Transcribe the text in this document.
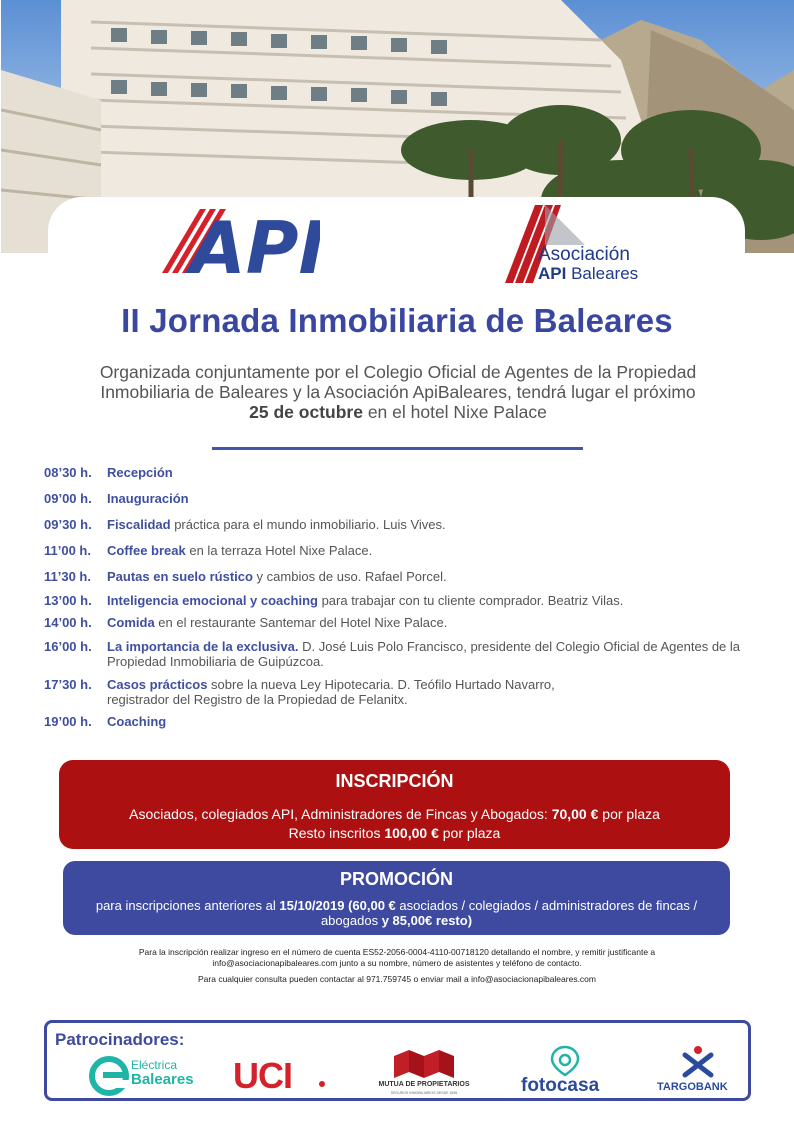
API	Asociación
API Baleares
II Jornada Inmobiliaria de Baleares
Organizada conjuntamente por el Colegio Oficial de Agentes de la Propiedad
Inmobiliaria de Baleares y la Asociación ApiBaleares, tendrá lugar el próximo
25 de octubre en el hotel Nixe Palace
08’30 h.	Recepción
09’00 h.	Inauguración
09’30 h.	Fiscalidad práctica para el mundo inmobiliario. Luis Vives.
11’00 h.	Coffee break en la terraza Hotel Nixe Palace.
11’30 h.	Pautas en suelo rústico y cambios de uso. Rafael Porcel.
13’00 h.	Inteligencia emocional y coaching para trabajar con tu cliente comprador. Beatriz Vilas.
14’00 h.	Comida en el restaurante Santemar del Hotel Nixe Palace.
16’00 h.	La importancia de la exclusiva. D. José Luis Polo Francisco, presidente del Colegio Oficial de Agentes de la Propiedad Inmobiliaria de Guipúzcoa.
17’30 h.	Casos prácticos sobre la nueva Ley Hipotecaria. D. Teófilo Hurtado Navarro,
registrador del Registro de la Propiedad de Felanitx.
19’00 h.	Coaching
INSCRIPCIÓN
Asociados, colegiados API, Administradores de Fincas y Abogados: 70,00 € por plaza
Resto inscritos 100,00 € por plaza
PROMOCIÓN
para inscripciones anteriores al 15/10/2019 (60,00 € asociados / colegiados / administradores de fincas / abogados y 85,00€ resto)
Para la inscripción realizar ingreso en el número de cuenta ES52-2056-0004-4110-00718120 detallando el nombre, y remitir justificante a
info@asociacionapibaleares.com junto a su nombre, número de asistentes y teléfono de contacto.
Para cualquier consulta pueden contactar al 971.759745 o enviar mail a info@asociacionapibaleares.com
Patrocinadores:
Eléctrica
Baleares UCI	MUTUA DE PROPIETARIOS
SEGUROS INMOBILIARIOS DESDE 1835	fotocasa	TARGOBANK
